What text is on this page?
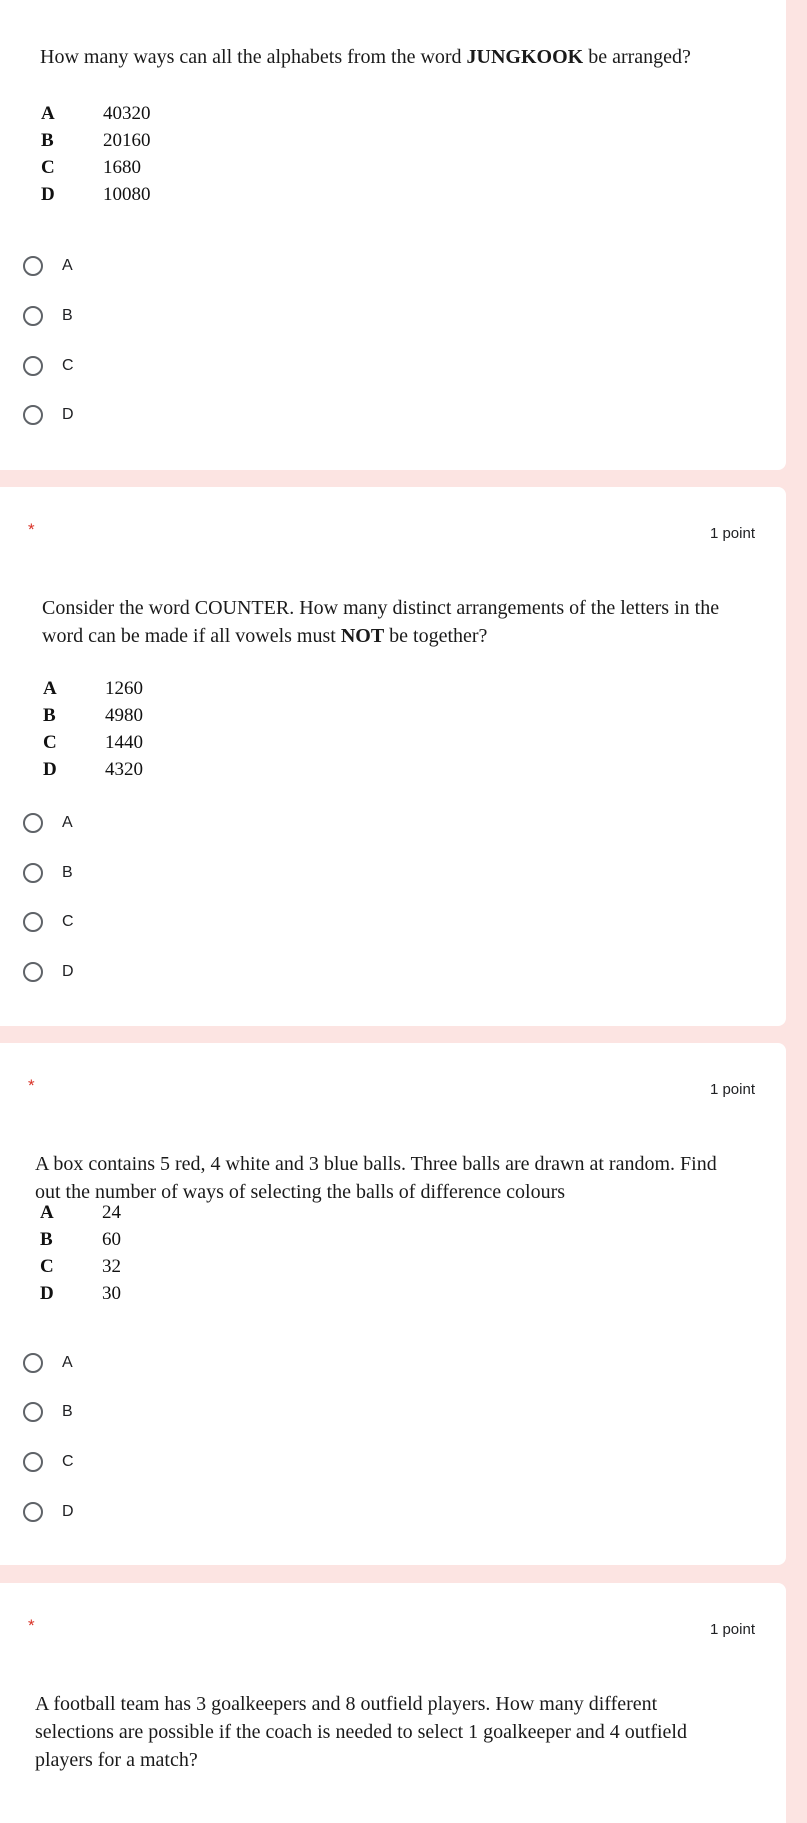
How many ways can all the alphabets from the word JUNGKOOK be arranged?
A	40320
B	20160
C	1680
D	10080
A
B
C
D
*	1 point
Consider the word COUNTER. How many distinct arrangements of the letters in the
word can be made if all vowels must NOT be together?
A	1260
B	4980
C	1440
D	4320
A
B
C
D
*	1 point
A box contains 5 red, 4 white and 3 blue balls. Three balls are drawn at random. Find
out the number of ways of selecting the balls of difference colours
A	24
B	60
C	32
D	30
A
B
C
D
*	1 point
A football team has 3 goalkeepers and 8 outfield players. How many different
selections are possible if the coach is needed to select 1 goalkeeper and 4 outfield
players for a match?
